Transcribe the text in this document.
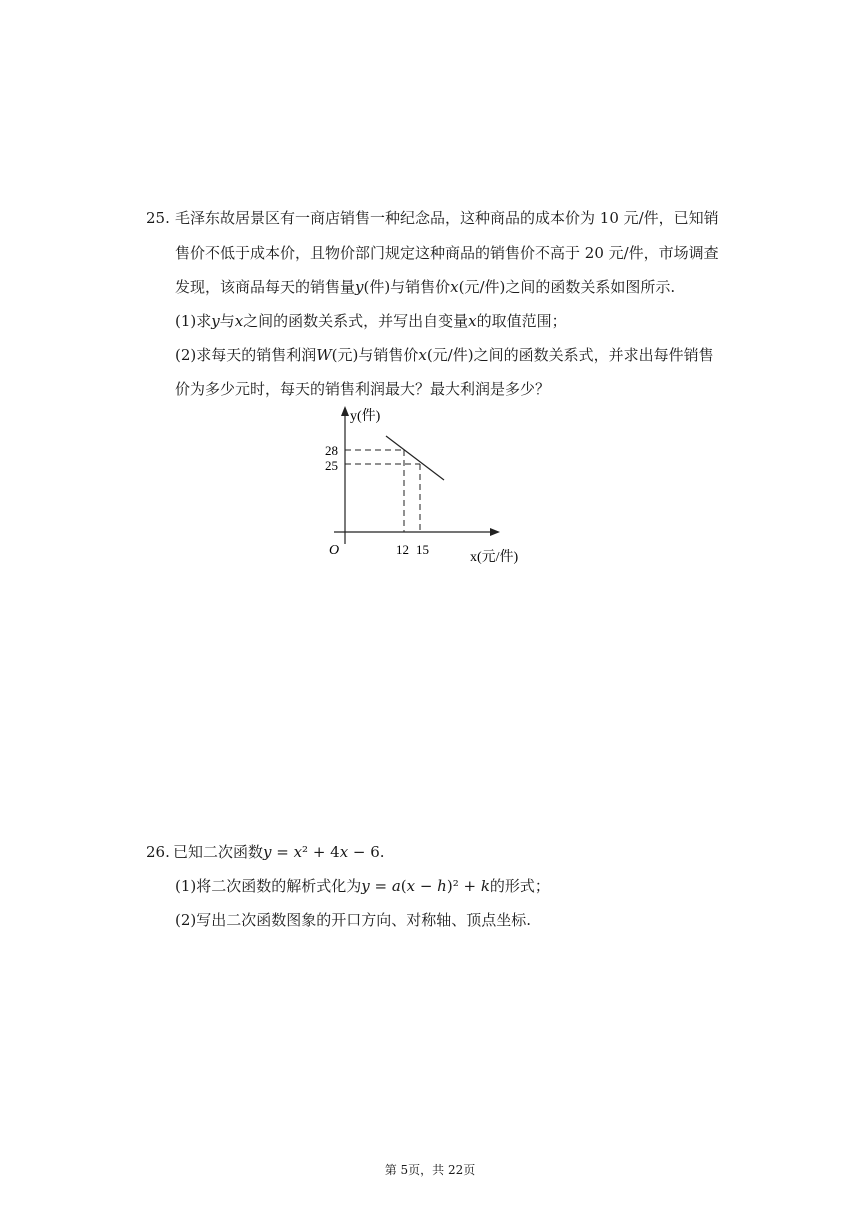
25. 毛泽东故居景区有一商店销售一种纪念品，这种商品的成本价为 10 元/件，已知销
售价不低于成本价，且物价部门规定这种商品的销售价不高于 20 元/件，市场调查
发现，该商品每天的销售量𝑦(件)与销售价𝑥(元/件)之间的函数关系如图所示.
(1)求𝑦与𝑥之间的函数关系式，并写出自变量𝑥的取值范围；
(2)求每天的销售利润𝑊(元)与销售价𝑥(元/件)之间的函数关系式，并求出每件销售
价为多少元时，每天的销售利润最大？最大利润是多少？
y(件)
28
25
O	12 15
x(元/件)
26. 已知二次函数𝑦 = 𝑥² + 4𝑥 − 6.
(1)将二次函数的解析式化为𝑦 = 𝑎(𝑥 − ℎ)² + 𝑘的形式；
(2)写出二次函数图象的开口方向、对称轴、顶点坐标.
第 5页，共 22页
